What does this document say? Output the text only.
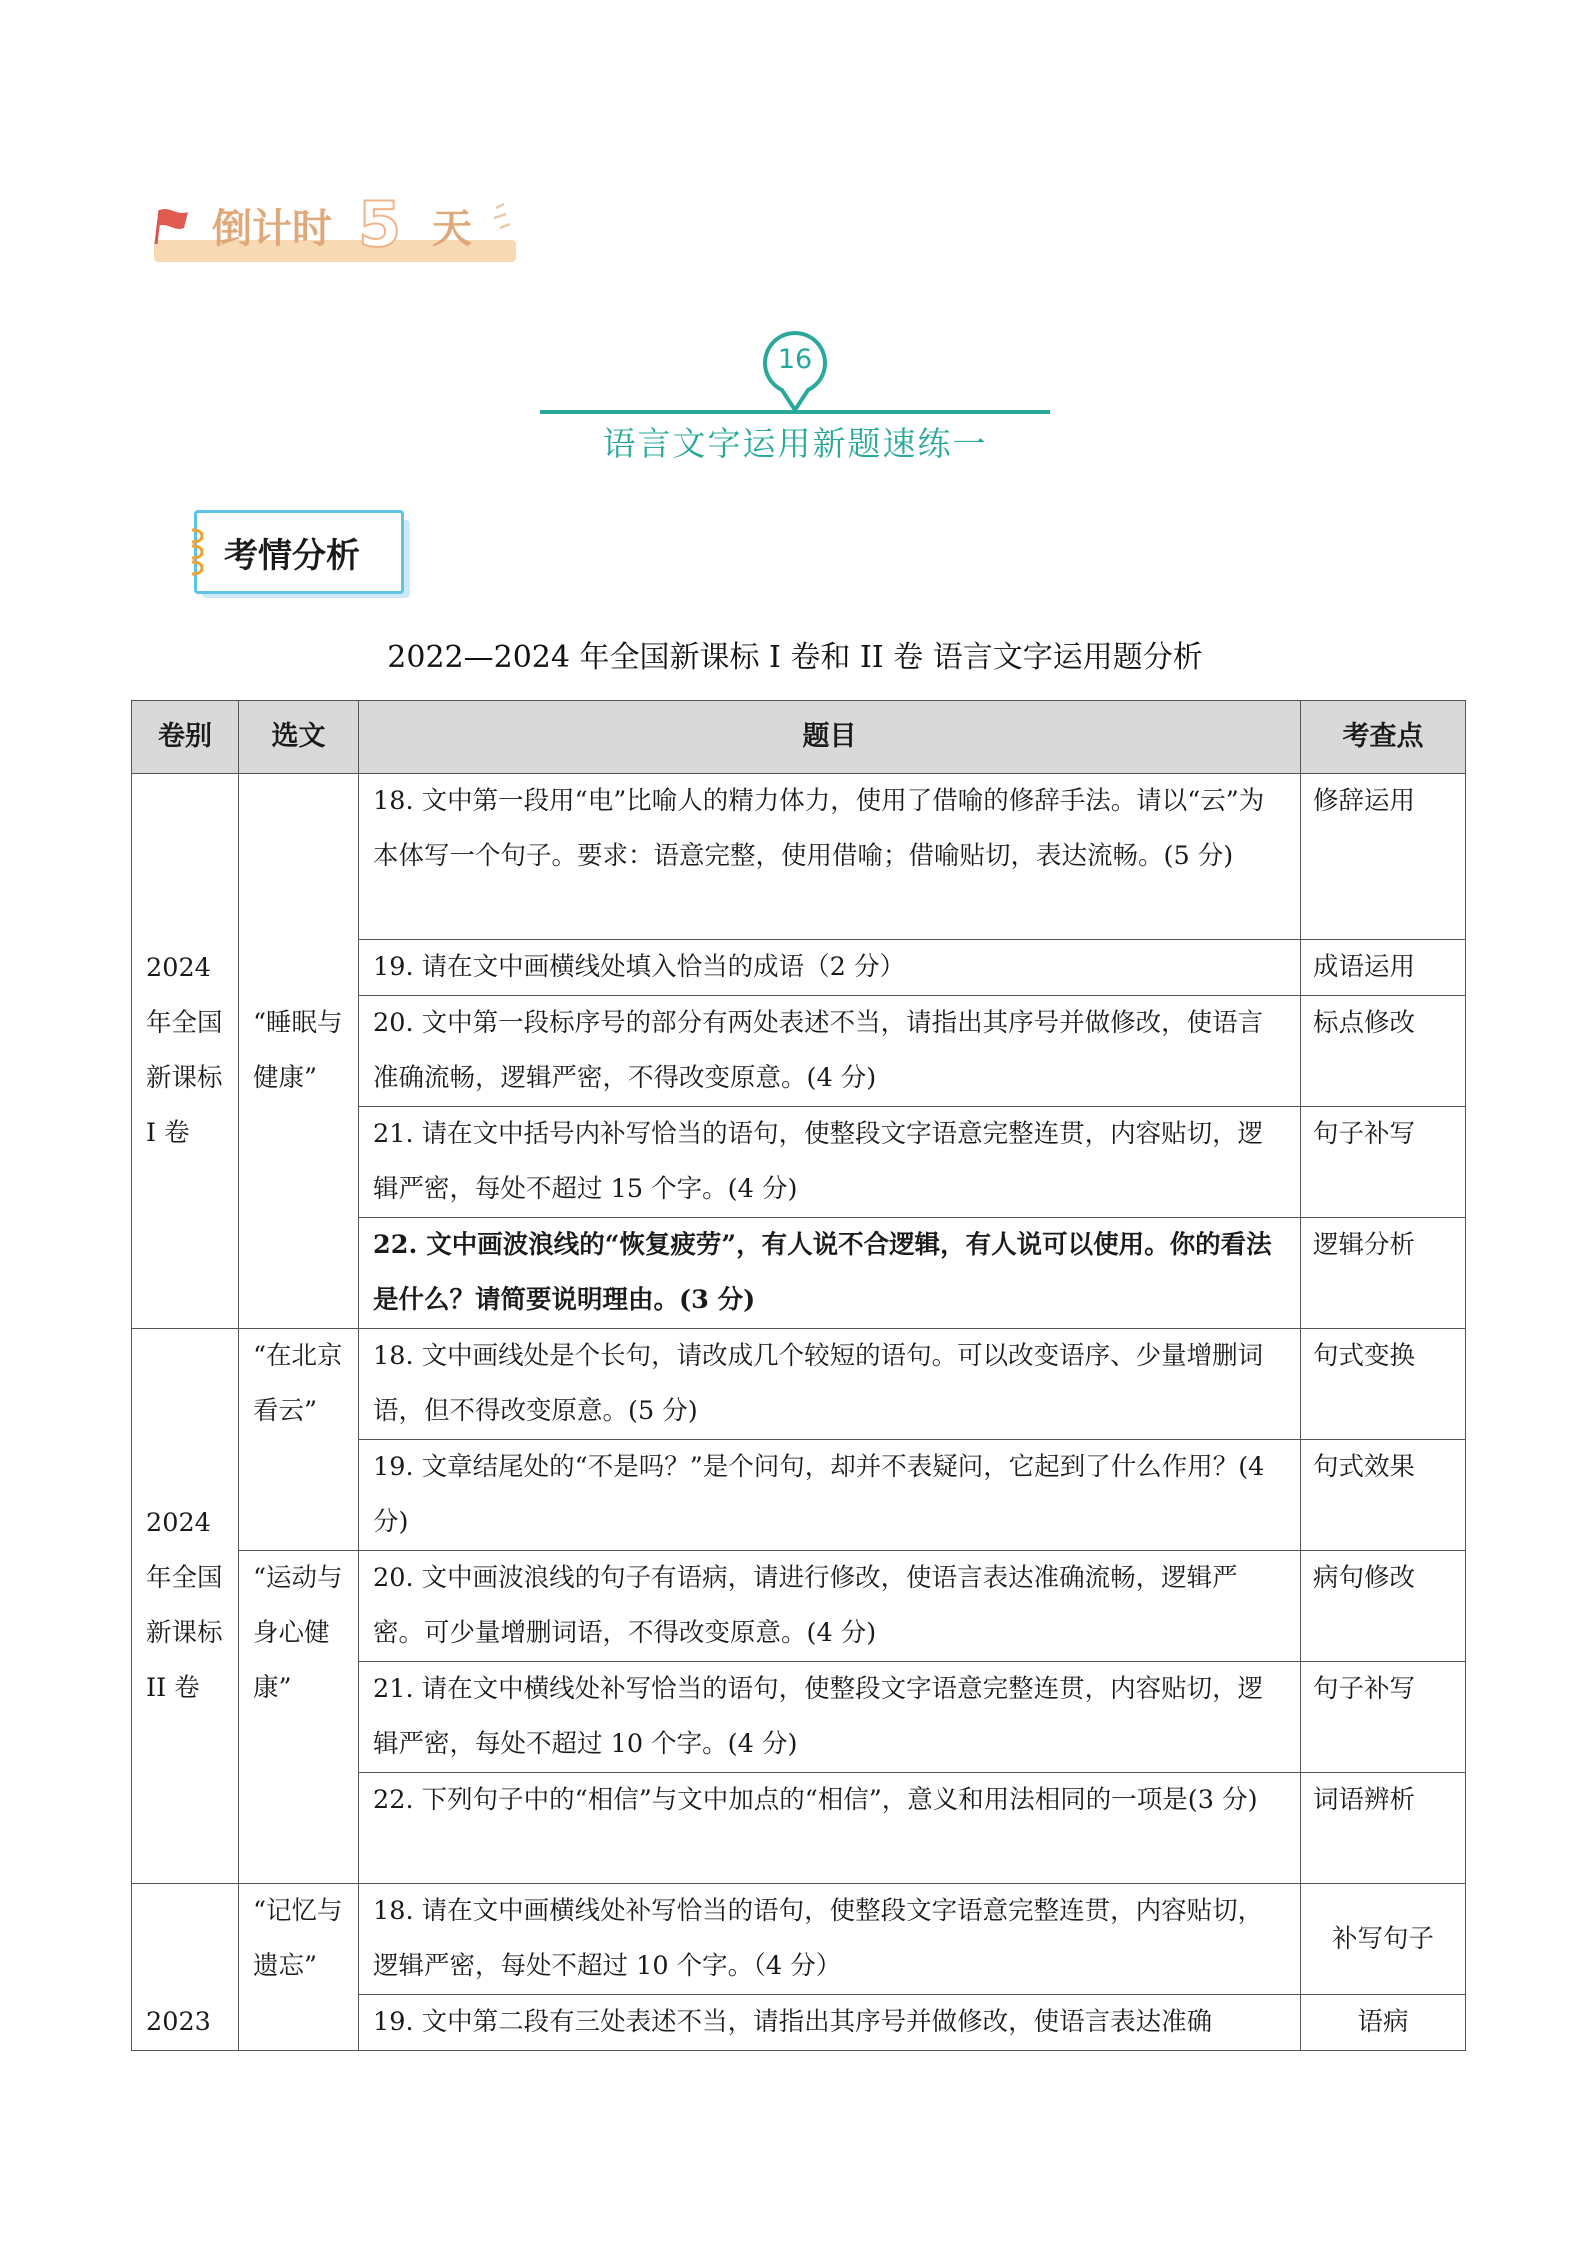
倒计时 5 天
16
语言文字运用新题速练一
考情分析
2022—2024 年全国新课标 I 卷和 II 卷 语言文字运用题分析
卷别	选文	题目	考查点
2024 年全国新课标 I 卷	“睡眠与健康”	18. 文中第一段用“电”比喻人的精力体力，使用了借喻的修辞手法。请以“云”为本体写一个句子。要求：语意完整，使用借喻；借喻贴切，表达流畅。(5 分)	修辞运用
		19. 请在文中画横线处填入恰当的成语（2 分）	成语运用
		20. 文中第一段标序号的部分有两处表述不当，请指出其序号并做修改，使语言准确流畅，逻辑严密，不得改变原意。(4 分)	标点修改
		21. 请在文中括号内补写恰当的语句，使整段文字语意完整连贯，内容贴切，逻辑严密，每处不超过 15 个字。(4 分)	句子补写
		22. 文中画波浪线的“恢复疲劳”，有人说不合逻辑，有人说可以使用。你的看法是什么？请简要说明理由。(3 分)	逻辑分析
2024 年全国新课标 II 卷	“在北京看云”	18. 文中画线处是个长句，请改成几个较短的语句。可以改变语序、少量增删词语，但不得改变原意。(5 分)	句式变换
		19. 文章结尾处的“不是吗？”是个问句，却并不表疑问，它起到了什么作用？(4 分)	句式效果
	“运动与身心健康”	20. 文中画波浪线的句子有语病，请进行修改，使语言表达准确流畅，逻辑严密。可少量增删词语，不得改变原意。(4 分)	病句修改
		21. 请在文中横线处补写恰当的语句，使整段文字语意完整连贯，内容贴切，逻辑严密，每处不超过 10 个字。(4 分)	句子补写
		22. 下列句子中的“相信”与文中加点的“相信”，意义和用法相同的一项是(3 分)	词语辨析
2023	“记忆与遗忘”	18. 请在文中画横线处补写恰当的语句，使整段文字语意完整连贯，内容贴切，逻辑严密，每处不超过 10 个字。（4 分）	补写句子
		19. 文中第二段有三处表述不当，请指出其序号并做修改，使语言表达准确	语病
